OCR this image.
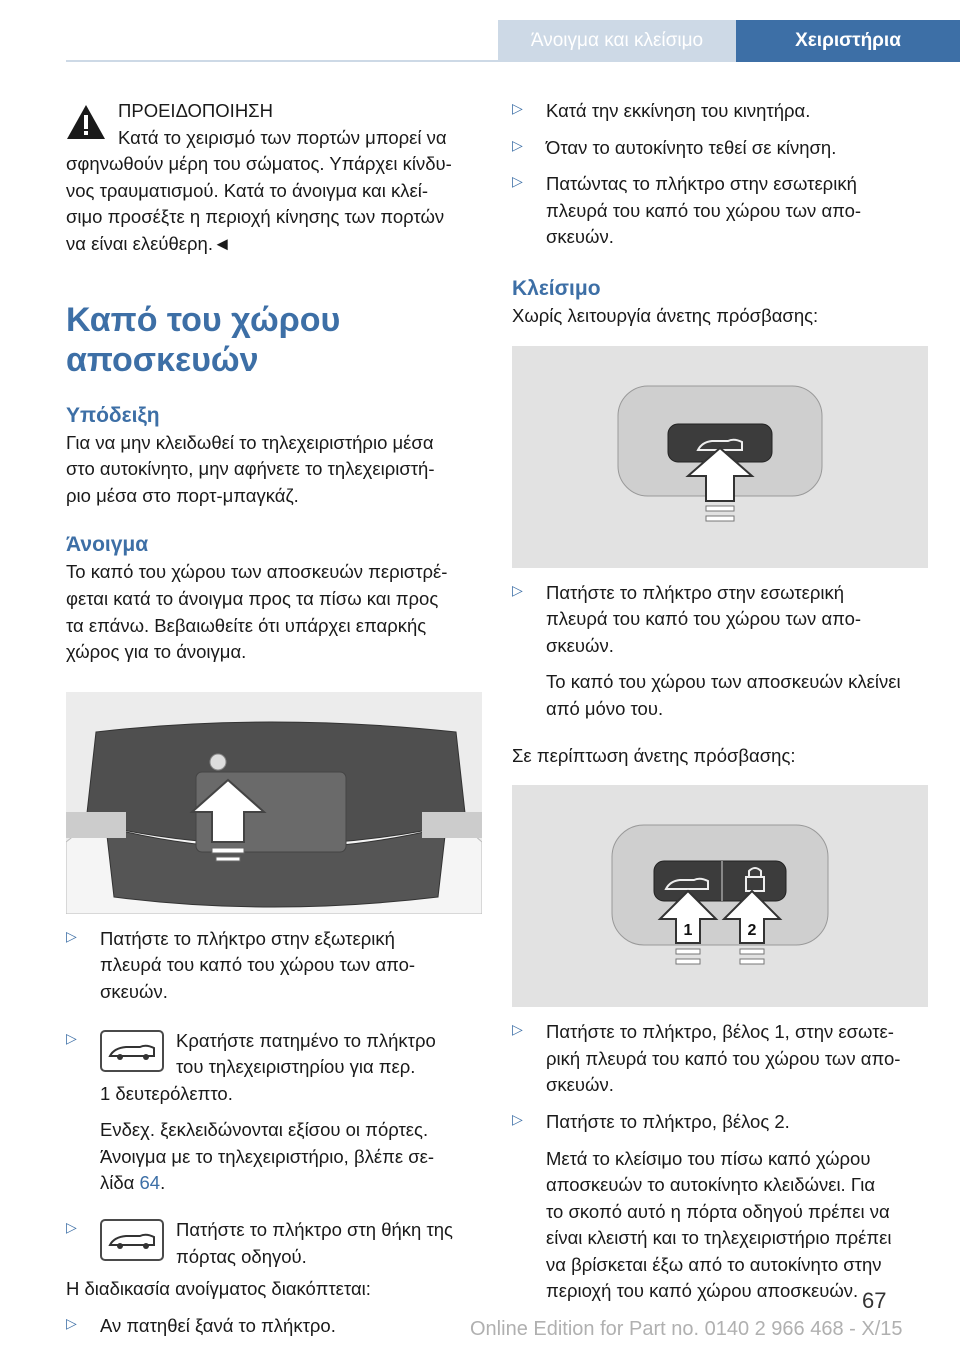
Άνοιγμα και κλείσιμο	Χειριστήρια

ΠΡΟΕΙΔΟΠΟΙΗΣΗ

Κατά το χειρισμό των πορτών μπορεί να

σφηνωθούν μέρη του σώματος. Υπάρχει κίνδυ-

νος τραυματισμού. Κατά το άνοιγμα και κλεί-

σιμο προσέξτε η περιοχή κίνησης των πορτών

να είναι ελεύθερη.◄

Καπό του χώρου αποσκευών
Υπόδειξη

Για να μην κλειδωθεί το τηλεχειριστήριο μέσα

στο αυτοκίνητο, μην αφήνετε το τηλεχειριστή-

ριο μέσα στο πορτ-μπαγκάζ.

Άνοιγμα

Το καπό του χώρου των αποσκευών περιστρέ-

φεται κατά το άνοιγμα προς τα πίσω και προς

τα επάνω. Βεβαιωθείτε ότι υπάρχει επαρκής

χώρος για το άνοιγμα.

▷ Πατήστε το πλήκτρο στην εξωτερική

πλευρά του καπό του χώρου των απο-

σκευών.

▷	Κρατήστε πατημένο το πλήκτρο

του τηλεχειριστηρίου για περ.

1 δευτερόλεπτο.

Ενδεχ. ξεκλειδώνονται εξίσου οι πόρτες.

Άνοιγμα με το τηλεχειριστήριο, βλέπε σε-

λίδα 64.

▷	Πατήστε το πλήκτρο στη θήκη της

πόρτας οδηγού.

Η διαδικασία ανοίγματος διακόπτεται:

▷ Αν πατηθεί ξανά το πλήκτρο.

▷ Κατά την εκκίνηση του κινητήρα.

▷ Όταν το αυτοκίνητο τεθεί σε κίνηση.

▷ Πατώντας το πλήκτρο στην εσωτερική

πλευρά του καπό του χώρου των απο-

σκευών.

Κλείσιμο

Χωρίς λειτουργία άνετης πρόσβασης:

▷ Πατήστε το πλήκτρο στην εσωτερική

πλευρά του καπό του χώρου των απο-

σκευών.

Το καπό του χώρου των αποσκευών κλείνει

από μόνο του.

Σε περίπτωση άνετης πρόσβασης:

1	2
▷ Πατήστε το πλήκτρο, βέλος 1, στην εσωτε-

ρική πλευρά του καπό του χώρου των απο-

σκευών.

▷ Πατήστε το πλήκτρο, βέλος 2.

Μετά το κλείσιμο του πίσω καπό χώρου

αποσκευών το αυτοκίνητο κλειδώνει. Για

το σκοπό αυτό η πόρτα οδηγού πρέπει να

είναι κλειστή και το τηλεχειριστήριο πρέπει

να βρίσκεται έξω από το αυτοκίνητο στην

περιοχή του καπό χώρου αποσκευών. 67
Online Edition for Part no. 0140 2 966 468 - X/15
